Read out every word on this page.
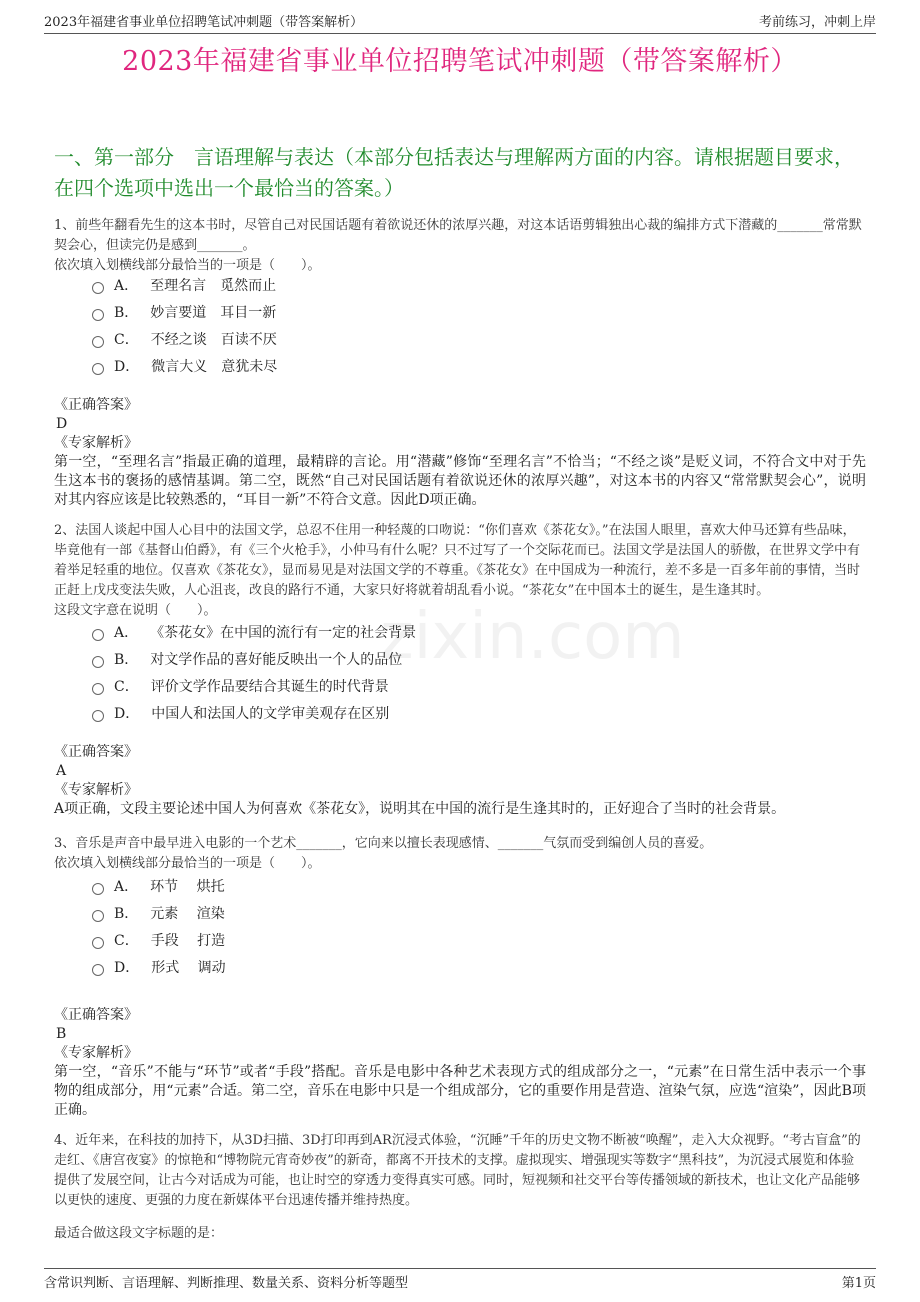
2023年福建省事业单位招聘笔试冲刺题（带答案解析）	考前练习，冲刺上岸
2023年福建省事业单位招聘笔试冲刺题（带答案解析）

一、第一部分　言语理解与表达（本部分包括表达与理解两方面的内容。请根据题目要求，在四个选项中选出一个最恰当的答案。）

zixin.com

1、前些年翻看先生的这本书时，尽管自己对民国话题有着欲说还休的浓厚兴趣，对这本话语剪辑独出心裁的编排方式下潜藏的_______常常默契会心，但读完仍是感到_______。

依次填入划横线部分最恰当的一项是（　　）。

A． 至理名言　觅然而止
B． 妙言要道　耳目一新
C． 不经之谈　百读不厌
D． 微言大义　意犹未尽
《正确答案》
D
《专家解析》
第一空，“至理名言”指最正确的道理，最精辟的言论。用“潜藏”修饰“至理名言”不恰当；“不经之谈”是贬义词，不符合文中对于先生这本书的褒扬的感情基调。第二空，既然“自己对民国话题有着欲说还休的浓厚兴趣”，对这本书的内容又“常常默契会心”，说明对其内容应该是比较熟悉的，“耳目一新”不符合文意。因此D项正确。

2、法国人谈起中国人心目中的法国文学，总忍不住用一种轻蔑的口吻说：“你们喜欢《茶花女》。”在法国人眼里，喜欢大仲马还算有些品味，毕竟他有一部《基督山伯爵》，有《三个火枪手》，小仲马有什么呢？只不过写了一个交际花而已。法国文学是法国人的骄傲，在世界文学中有着举足轻重的地位。仅喜欢《茶花女》，显而易见是对法国文学的不尊重。《茶花女》在中国成为一种流行，差不多是一百多年前的事情，当时正赶上戊戌变法失败，人心沮丧，改良的路行不通，大家只好将就着胡乱看小说。“茶花女”在中国本土的诞生，是生逢其时。

这段文字意在说明（　　）。

A． 《茶花女》在中国的流行有一定的社会背景
B． 对文学作品的喜好能反映出一个人的品位
C． 评价文学作品要结合其诞生的时代背景
D． 中国人和法国人的文学审美观存在区别
《正确答案》
A
《专家解析》
A项正确，文段主要论述中国人为何喜欢《茶花女》，说明其在中国的流行是生逢其时的，正好迎合了当时的社会背景。

3、音乐是声音中最早进入电影的一个艺术_______，它向来以擅长表现感情、_______气氛而受到编创人员的喜爱。

依次填入划横线部分最恰当的一项是（　　）。

A． 环节　 烘托
B． 元素　 渲染
C． 手段　 打造
D． 形式　 调动
《正确答案》
B
《专家解析》
第一空，“音乐”不能与“环节”或者“手段”搭配。音乐是电影中各种艺术表现方式的组成部分之一，“元素”在日常生活中表示一个事物的组成部分，用“元素”合适。第二空，音乐在电影中只是一个组成部分，它的重要作用是营造、渲染气氛，应选“渲染”，因此B项正确。

4、近年来，在科技的加持下，从3D扫描、3D打印再到AR沉浸式体验，“沉睡”千年的历史文物不断被“唤醒”，走入大众视野。“考古盲盒”的走红、《唐宫夜宴》的惊艳和“博物院元宵奇妙夜”的新奇，都离不开技术的支撑。虚拟现实、增强现实等数字“黑科技”，为沉浸式展览和体验提供了发展空间，让古今对话成为可能，也让时空的穿透力变得真实可感。同时，短视频和社交平台等传播领域的新技术，也让文化产品能够以更快的速度、更强的力度在新媒体平台迅速传播并维持热度。

最适合做这段文字标题的是：

含常识判断、言语理解、判断推理、数量关系、资料分析等题型	第1页
